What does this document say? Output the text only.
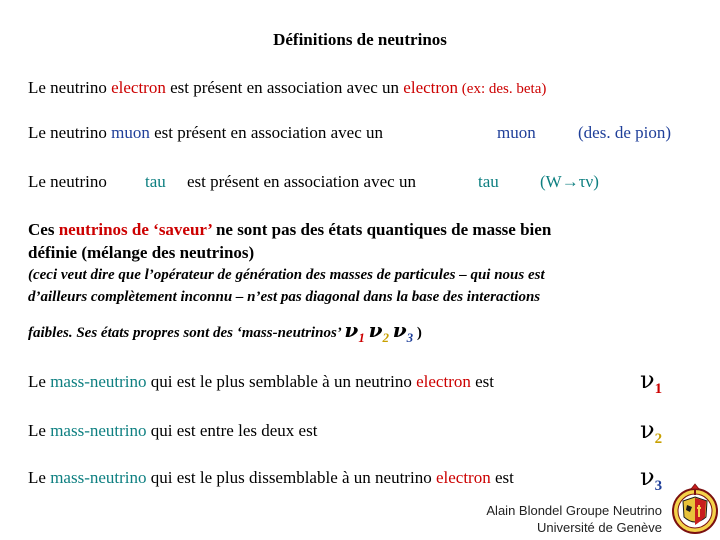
Définitions de neutrinos
Le neutrino electron est présent en association avec un electron (ex: des. beta)
Le neutrino muon est présent en association avec un	muon (des. de pion)
Le neutrino tau est présent en association avec un	tau (W→τν)
Ces neutrinos de ‘saveur’ ne sont pas des états quantiques de masse bien
définie (mélange des neutrinos)
(ceci veut dire que l’opérateur de génération des masses de particules – qui nous est
d’ailleurs complètement inconnu – n’est pas diagonal dans la base des interactions
faibles. Ses états propres sont des ‘mass-neutrinos’ ν1 ν2 ν3 )
Le mass-neutrino qui est le plus semblable à un neutrino electron est	ν1
Le mass-neutrino qui est entre les deux est	ν2
Le mass-neutrino qui est le plus dissemblable à un neutrino electron est	ν3
Alain Blondel Groupe Neutrino
Université de Genève
